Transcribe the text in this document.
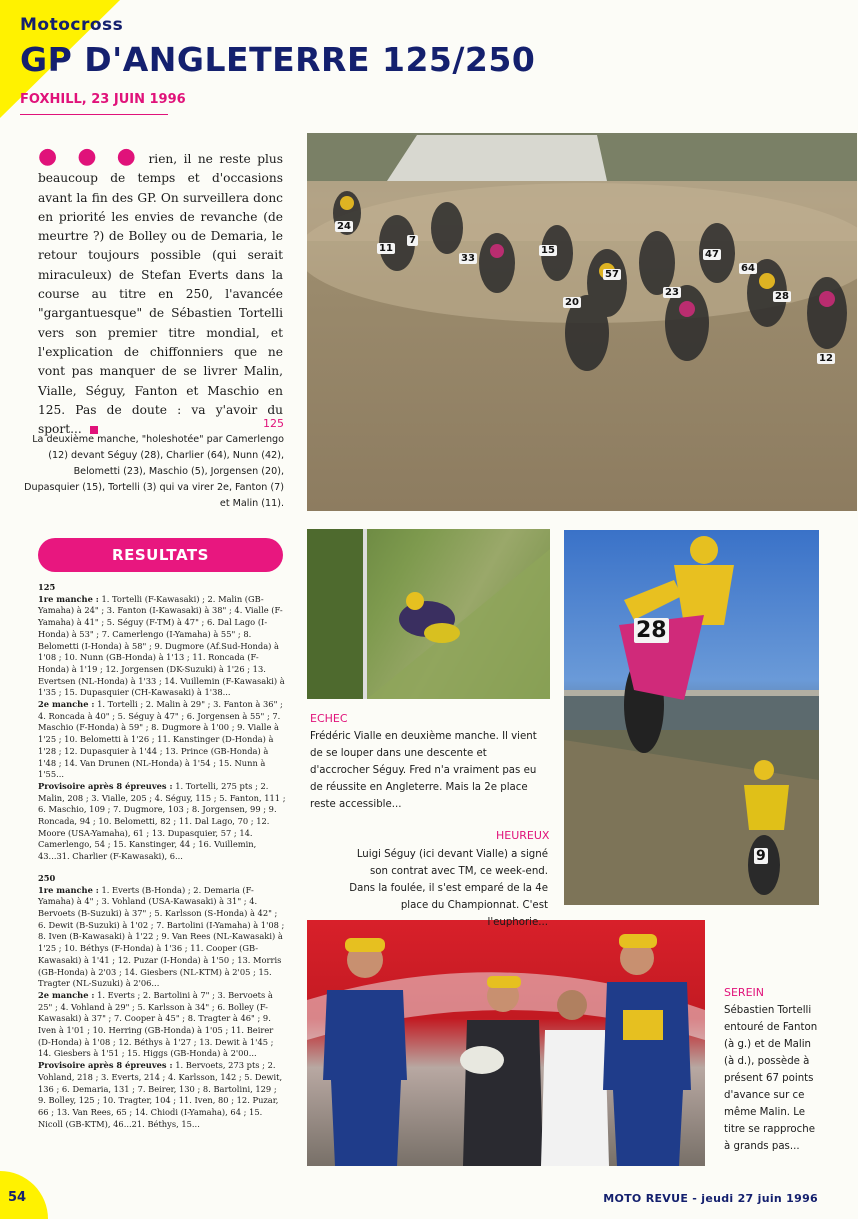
Motocross
GP D'ANGLETERRE 125/250
FOXHILL, 23 JUIN 1996
● ● ● rien, il ne reste plus beaucoup de temps et d'occasions avant la fin des GP. On surveillera donc en priorité les envies de revanche (de meurtre ?) de Bolley ou de Demaria, le retour toujours possible (qui serait miraculeux) de Stefan Everts dans la course au titre en 250, l'avancée "gargantuesque" de Sébastien Tortelli vers son premier titre mondial, et l'explication de chiffonniers que ne vont pas manquer de se livrer Malin, Vialle, Séguy, Fanton et Maschio en 125. Pas de doute : va y'avoir du sport...	125
La deuxième manche, "holeshotée" par Camerlengo (12) devant Séguy (28), Charlier (64), Nunn (42), Belometti (23), Maschio (5), Jorgensen (20), Dupasquier (15), Tortelli (3) qui va virer 2e, Fanton (7) et Malin (11).
RESULTATS
125
1re manche : 1. Tortelli (F-Kawasaki) ; 2. Malin (GB-Yamaha) à 24" ; 3. Fanton (I-Kawasaki) à 38" ; 4. Vialle (F-Yamaha) à 41" ; 5. Séguy (F-TM) à 47" ; 6. Dal Lago (I-Honda) à 53" ; 7. Camerlengo (I-Yamaha) à 55" ; 8. Belometti (I-Honda) à 58" ; 9. Dugmore (Af.Sud-Honda) à 1'08 ; 10. Nunn (GB-Honda) à 1'13 ; 11. Roncada (F-Honda) à 1'19 ; 12. Jorgensen (DK-Suzuki) à 1'26 ; 13. Evertsen (NL-Honda) à 1'33 ; 14. Vuillemin (F-Kawasaki) à 1'35 ; 15. Dupasquier (CH-Kawasaki) à 1'38...
2e manche : 1. Tortelli ; 2. Malin à 29" ; 3. Fanton à 36" ; 4. Roncada à 40" ; 5. Séguy à 47" ; 6. Jorgensen à 55" ; 7. Maschio (F-Honda) à 59" ; 8. Dugmore à 1'00 ; 9. Vialle à 1'25 ; 10. Belometti à 1'26 ; 11. Kanstinger (D-Honda) à 1'28 ; 12. Dupasquier à 1'44 ; 13. Prince (GB-Honda) à 1'48 ; 14. Van Drunen (NL-Honda) à 1'54 ; 15. Nunn à 1'55...
Provisoire après 8 épreuves : 1. Tortelli, 275 pts ; 2. Malin, 208 ; 3. Vialle, 205 ; 4. Séguy, 115 ; 5. Fanton, 111 ; 6. Maschio, 109 ; 7. Dugmore, 103 ; 8. Jorgensen, 99 ; 9. Roncada, 94 ; 10. Belometti, 82 ; 11. Dal Lago, 70 ; 12. Moore (USA-Yamaha), 61 ; 13. Dupasquier, 57 ; 14. Camerlengo, 54 ; 15. Kanstinger, 44 ; 16. Vuillemin, 43...31. Charlier (F-Kawasaki), 6...
250
1re manche : 1. Everts (B-Honda) ; 2. Demaria (F-Yamaha) à 4" ; 3. Vohland (USA-Kawasaki) à 31" ; 4. Bervoets (B-Suzuki) à 37" ; 5. Karlsson (S-Honda) à 42" ; 6. Dewit (B-Suzuki) à 1'02 ; 7. Bartolini (I-Yamaha) à 1'08 ; 8. Iven (B-Kawasaki) à 1'22 ; 9. Van Rees (NL-Kawasaki) à 1'25 ; 10. Béthys (F-Honda) à 1'36 ; 11. Cooper (GB-Kawasaki) à 1'41 ; 12. Puzar (I-Honda) à 1'50 ; 13. Morris (GB-Honda) à 2'03 ; 14. Giesbers (NL-KTM) à 2'05 ; 15. Tragter (NL-Suzuki) à 2'06...
2e manche : 1. Everts ; 2. Bartolini à 7" ; 3. Bervoets à 25" ; 4. Vohland à 29" ; 5. Karlsson à 34" ; 6. Bolley (F-Kawasaki) à 37" ; 7. Cooper à 45" ; 8. Tragter à 46" ; 9. Iven à 1'01 ; 10. Herring (GB-Honda) à 1'05 ; 11. Beirer (D-Honda) à 1'08 ; 12. Béthys à 1'27 ; 13. Dewit à 1'45 ; 14. Giesbers à 1'51 ; 15. Higgs (GB-Honda) à 2'00...
Provisoire après 8 épreuves : 1. Bervoets, 273 pts ; 2. Vohland, 218 ; 3. Everts, 214 ; 4. Karlsson, 142 ; 5. Dewit, 136 ; 6. Demaria, 131 ; 7. Beirer, 130 ; 8. Bartolini, 129 ; 9. Bolley, 125 ; 10. Tragter, 104 ; 11. Iven, 80 ; 12. Puzar, 66 ; 13. Van Rees, 65 ; 14. Chiodi (I-Yamaha), 64 ; 15. Nicoll (GB-KTM), 46...21. Béthys, 15...
24
11
7
33
15
20
57
23
47
64
28
12
28
9
ECHEC
Frédéric Vialle en deuxième manche. Il vient de se louper dans une descente et d'accrocher Séguy. Fred n'a vraiment pas eu de réussite en Angleterre. Mais la 2e place reste accessible...
HEUREUX
Luigi Séguy (ici devant Vialle) a signé son contrat avec TM, ce week-end. Dans la foulée, il s'est emparé de la 4e place du Championnat. C'est l'euphorie...
SEREIN
Sébastien Tortelli entouré de Fanton (à g.) et de Malin (à d.), possède à présent 67 points d'avance sur ce même Malin. Le titre se rapproche à grands pas...
54	MOTO REVUE - jeudi 27 juin 1996
